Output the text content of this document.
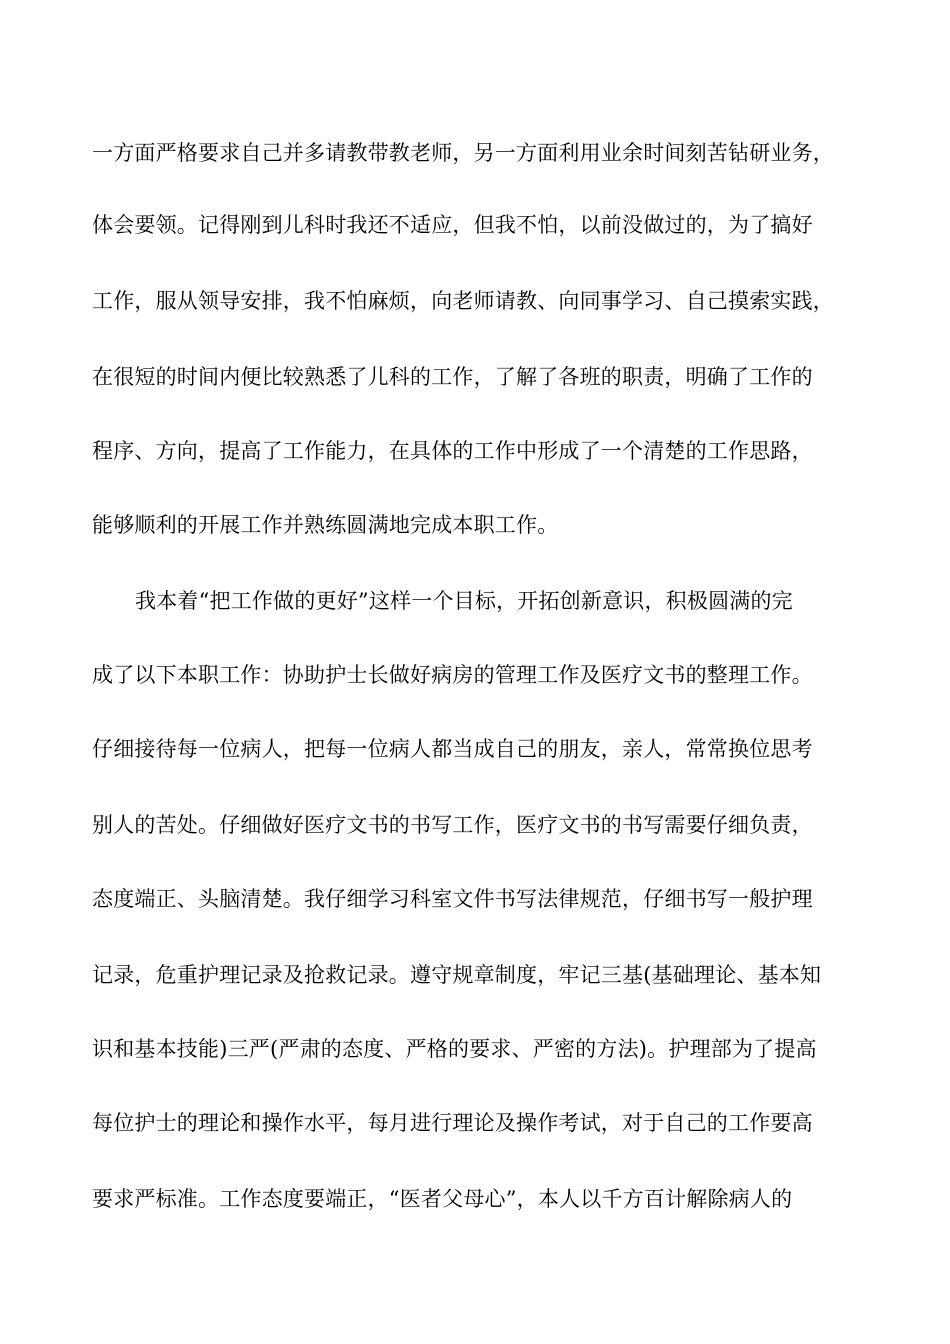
一方面严格要求自己并多请教带教老师，另一方面利用业余时间刻苦钻研业务，
体会要领。记得刚到儿科时我还不适应，但我不怕，以前没做过的，为了搞好
工作，服从领导安排，我不怕麻烦，向老师请教、向同事学习、自己摸索实践，
在很短的时间内便比较熟悉了儿科的工作，了解了各班的职责，明确了工作的
程序、方向，提高了工作能力，在具体的工作中形成了一个清楚的工作思路，
能够顺利的开展工作并熟练圆满地完成本职工作。
我本着“把工作做的更好”这样一个目标，开拓创新意识，积极圆满的完
成了以下本职工作：协助护士长做好病房的管理工作及医疗文书的整理工作。
仔细接待每一位病人，把每一位病人都当成自己的朋友，亲人，常常换位思考
别人的苦处。仔细做好医疗文书的书写工作，医疗文书的书写需要仔细负责，
态度端正、头脑清楚。我仔细学习科室文件书写法律规范，仔细书写一般护理
记录，危重护理记录及抢救记录。遵守规章制度，牢记三基(基础理论、基本知
识和基本技能)三严(严肃的态度、严格的要求、严密的方法)。护理部为了提高
每位护士的理论和操作水平，每月进行理论及操作考试，对于自己的工作要高
要求严标准。工作态度要端正，“医者父母心”，本人以千方百计解除病人的
